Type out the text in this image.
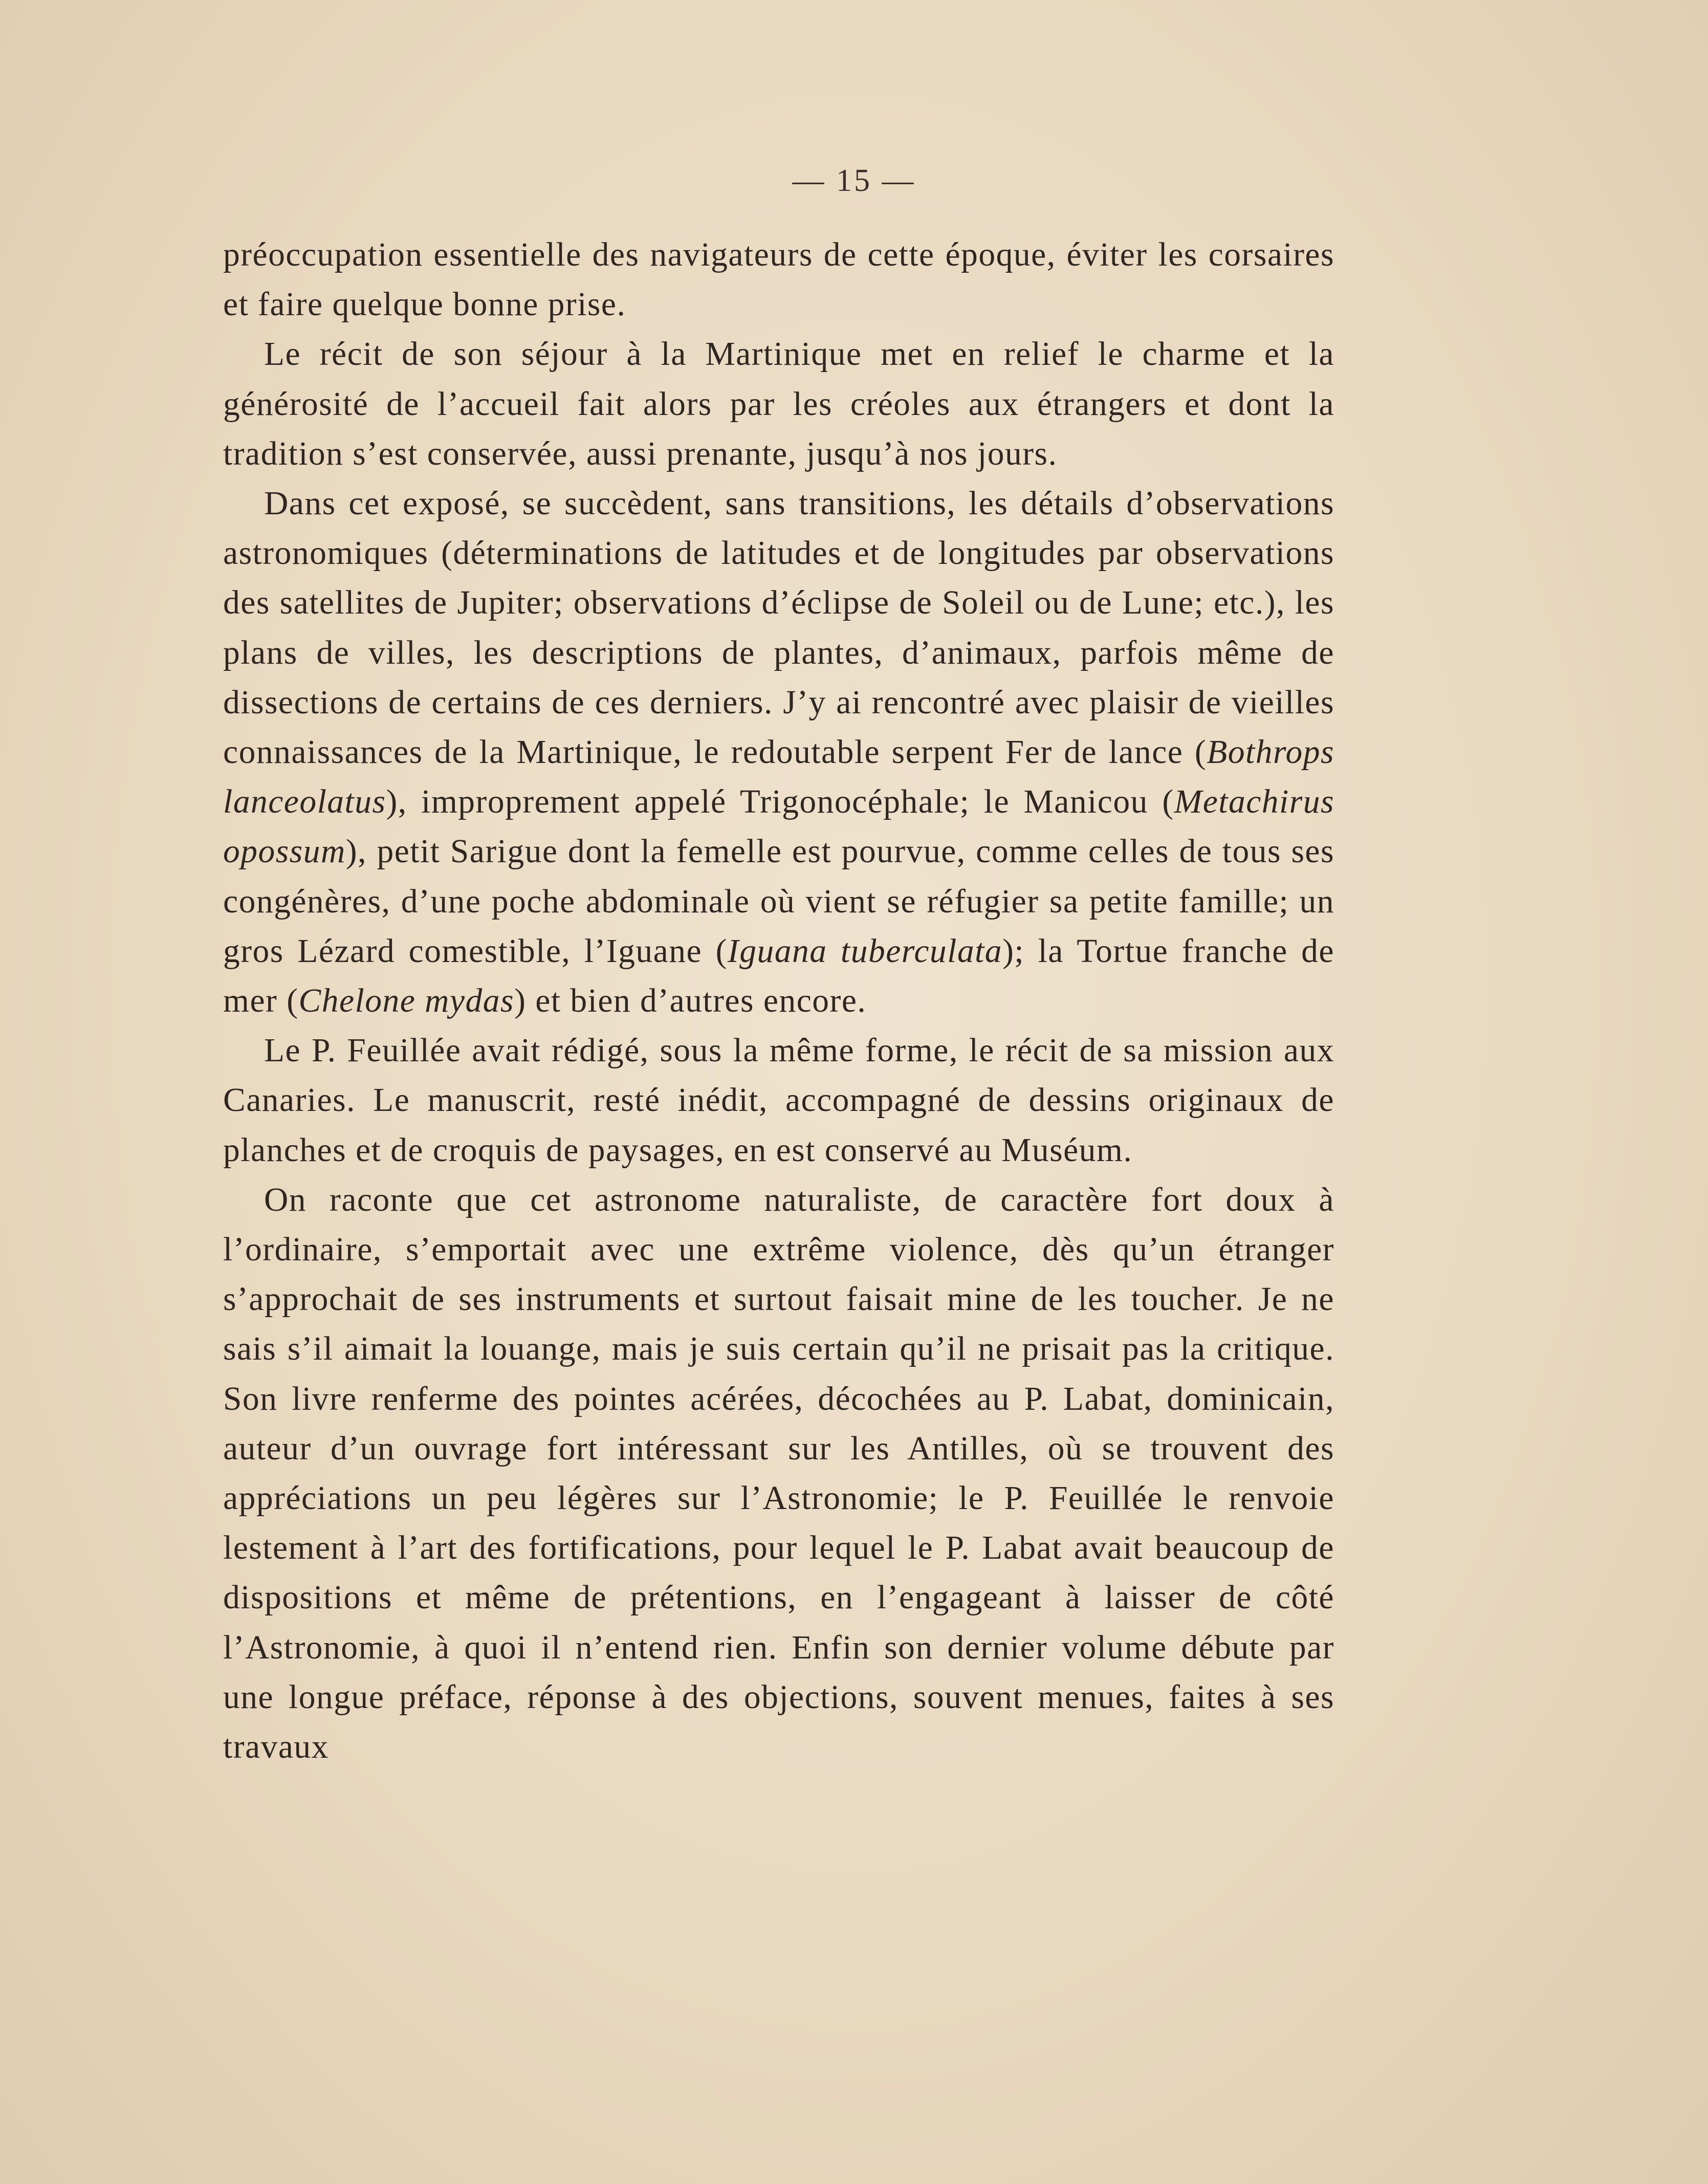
— 15 —

préoccupation essentielle des navigateurs de cette époque, éviter les corsaires et faire quelque bonne prise.

Le récit de son séjour à la Martinique met en relief le charme et la générosité de l’accueil fait alors par les créoles aux étrangers et dont la tradition s’est conservée, aussi prenante, jusqu’à nos jours.

Dans cet exposé, se succèdent, sans transitions, les détails d’observations astronomiques (déterminations de latitudes et de longitudes par observations des satellites de Jupiter; observations d’éclipse de Soleil ou de Lune; etc.), les plans de villes, les descriptions de plantes, d’animaux, parfois même de dissections de certains de ces derniers. J’y ai rencontré avec plaisir de vieilles connaissances de la Martinique, le redoutable serpent Fer de lance (Bothrops lanceolatus), improprement appelé Trigonocéphale; le Manicou (Metachirus opossum), petit Sarigue dont la femelle est pourvue, comme celles de tous ses congénères, d’une poche abdominale où vient se réfugier sa petite famille; un gros Lézard comestible, l’Iguane (Iguana tuberculata); la Tortue franche de mer (Chelone mydas) et bien d’autres encore.

Le P. Feuillée avait rédigé, sous la même forme, le récit de sa mission aux Canaries. Le manuscrit, resté inédit, accompagné de dessins originaux de planches et de croquis de paysages, en est conservé au Muséum.

On raconte que cet astronome naturaliste, de caractère fort doux à l’ordinaire, s’emportait avec une extrême violence, dès qu’un étranger s’approchait de ses instruments et surtout faisait mine de les toucher. Je ne sais s’il aimait la louange, mais je suis certain qu’il ne prisait pas la critique. Son livre renferme des pointes acérées, décochées au P. Labat, dominicain, auteur d’un ouvrage fort intéressant sur les Antilles, où se trouvent des appréciations un peu légères sur l’Astronomie; le P. Feuillée le renvoie lestement à l’art des fortifications, pour lequel le P. Labat avait beaucoup de dispositions et même de prétentions, en l’engageant à laisser de côté l’Astronomie, à quoi il n’entend rien. Enfin son dernier volume débute par une longue préface, réponse à des objections, souvent menues, faites à ses travaux
